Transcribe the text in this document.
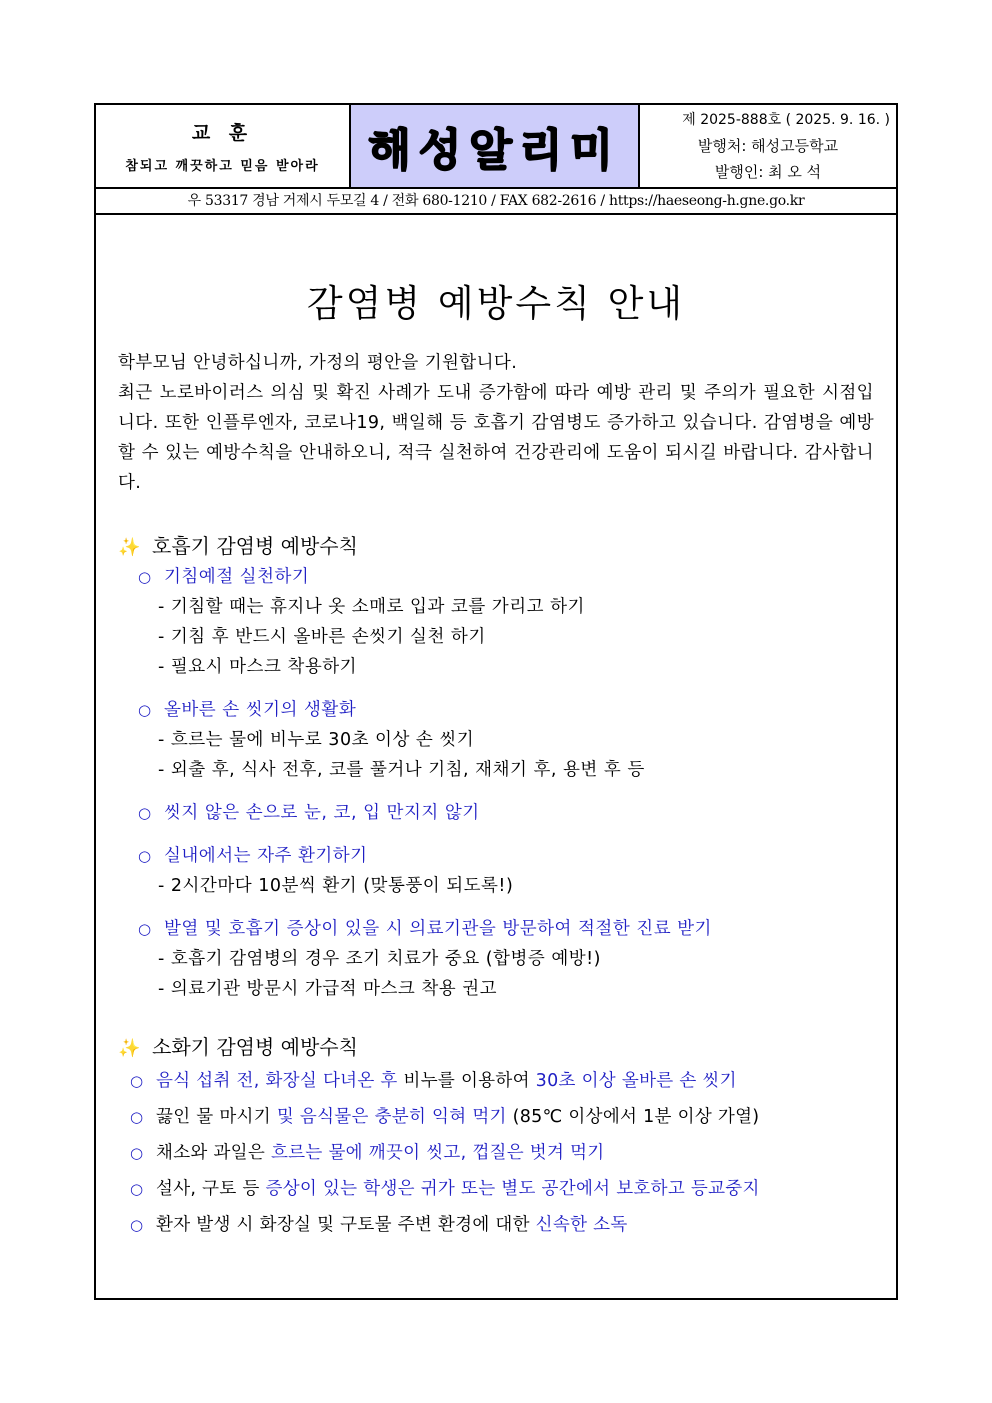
교 훈
참되고 깨끗하고 믿음 받아라 해성알리미
제 2025-888호 ( 2025. 9. 16. )
발행처: 해성고등학교
발행인: 최 오 석
우 53317 경남 거제시 두모길 4 / 전화 680-1210 / FAX 682-2616 / https://haeseong-h.gne.go.kr
감염병 예방수칙 안내

학부모님 안녕하십니까, 가정의 평안을 기원합니다.

최근 노로바이러스 의심 및 확진 사례가 도내 증가함에 따라 예방 관리 및 주의가 필요한 시점입니다. 또한 인플루엔자, 코로나19, 백일해 등 호흡기 감염병도 증가하고 있습니다. 감염병을 예방할 수 있는 예방수칙을 안내하오니, 적극 실천하여 건강관리에 도움이 되시길 바랍니다. 감사합니다.

✨ 호흡기 감염병 예방수칙
○ 기침예절 실천하기
- 기침할 때는 휴지나 옷 소매로 입과 코를 가리고 하기
- 기침 후 반드시 올바른 손씻기 실천 하기
- 필요시 마스크 착용하기
○ 올바른 손 씻기의 생활화
- 흐르는 물에 비누로 30초 이상 손 씻기
- 외출 후, 식사 전후, 코를 풀거나 기침, 재채기 후, 용변 후 등
○ 씻지 않은 손으로 눈, 코, 입 만지지 않기
○ 실내에서는 자주 환기하기
- 2시간마다 10분씩 환기 (맞통풍이 되도록!)
○ 발열 및 호흡기 증상이 있을 시 의료기관을 방문하여 적절한 진료 받기
- 호흡기 감염병의 경우 조기 치료가 중요 (합병증 예방!)
- 의료기관 방문시 가급적 마스크 착용 권고
✨ 소화기 감염병 예방수칙
○ 음식 섭취 전, 화장실 다녀온 후 비누를 이용하여 30초 이상 올바른 손 씻기
○ 끓인 물 마시기 및 음식물은 충분히 익혀 먹기 (85℃ 이상에서 1분 이상 가열)
○ 채소와 과일은 흐르는 물에 깨끗이 씻고, 껍질은 벗겨 먹기
○ 설사, 구토 등 증상이 있는 학생은 귀가 또는 별도 공간에서 보호하고 등교중지
○ 환자 발생 시 화장실 및 구토물 주변 환경에 대한 신속한 소독
